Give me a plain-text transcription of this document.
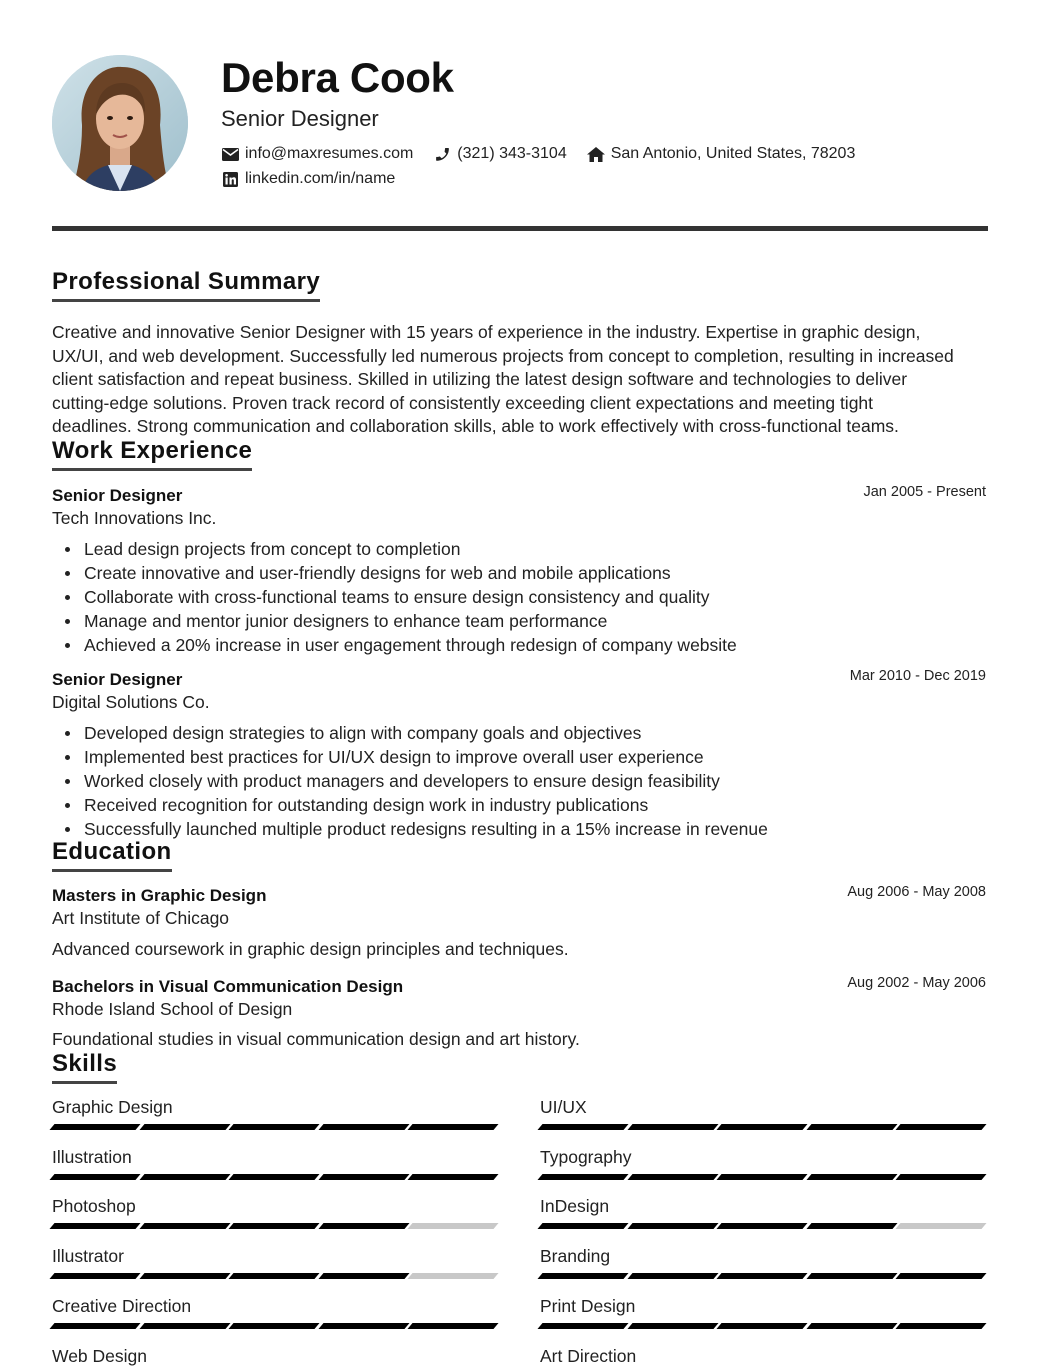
Debra Cook
Senior Designer
info@maxresumes.com	(321) 343-3104	San Antonio, United States, 78203
linkedin.com/in/name
Professional Summary
Creative and innovative Senior Designer with 15 years of experience in the industry. Expertise in graphic design,
UX/UI, and web development. Successfully led numerous projects from concept to completion, resulting in increased
client satisfaction and repeat business. Skilled in utilizing the latest design software and technologies to deliver
cutting-edge solutions. Proven track record of consistently exceeding client expectations and meeting tight
deadlines. Strong communication and collaboration skills, able to work effectively with cross-functional teams.
Work Experience
Senior Designer	Jan 2005 - Present
Tech Innovations Inc.
Lead design projects from concept to completion
Create innovative and user-friendly designs for web and mobile applications
Collaborate with cross-functional teams to ensure design consistency and quality
Manage and mentor junior designers to enhance team performance
Achieved a 20% increase in user engagement through redesign of company website
Senior Designer	Mar 2010 - Dec 2019
Digital Solutions Co.
Developed design strategies to align with company goals and objectives
Implemented best practices for UI/UX design to improve overall user experience
Worked closely with product managers and developers to ensure design feasibility
Received recognition for outstanding design work in industry publications
Successfully launched multiple product redesigns resulting in a 15% increase in revenue
Education
Masters in Graphic Design	Aug 2006 - May 2008
Art Institute of Chicago
Advanced coursework in graphic design principles and techniques.
Bachelors in Visual Communication Design	Aug 2002 - May 2006
Rhode Island School of Design
Foundational studies in visual communication design and art history.
Skills
Graphic Design	UI/UX
Illustration	Typography
Photoshop	InDesign
Illustrator	Branding
Creative Direction	Print Design
Web Design	Art Direction
